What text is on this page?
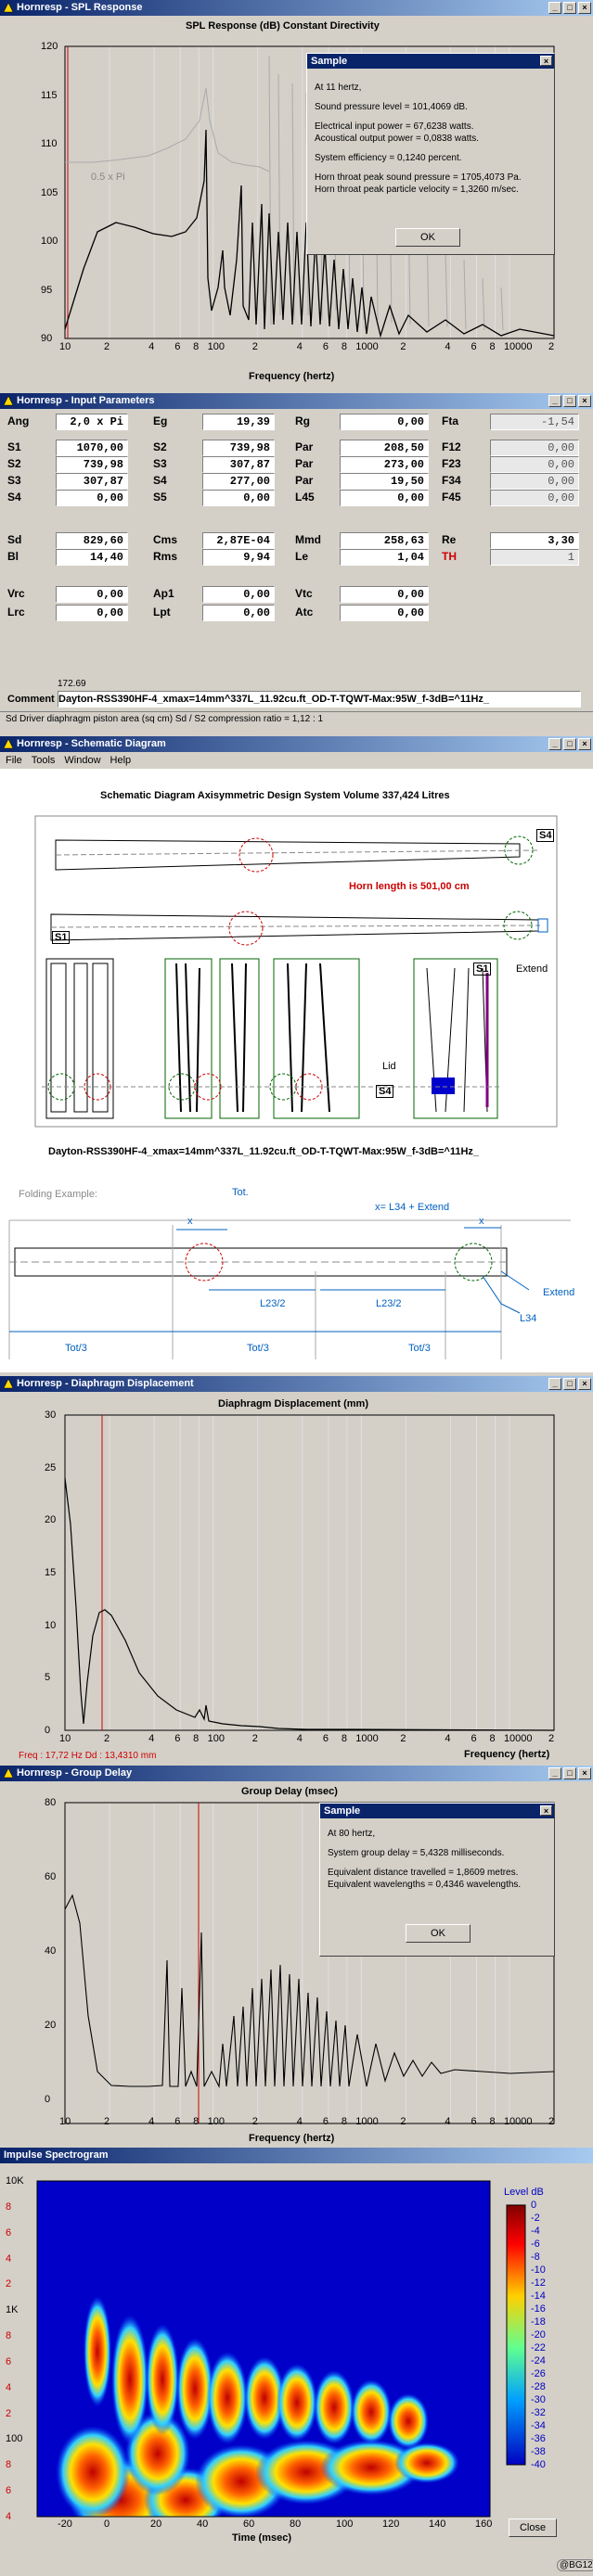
Hornresp - SPL Response	_	□	×
SPL Response (dB) Constant Directivity
0.5 x Pi
120
115
110
105
100
95
90
10	2	4 6 8 100	2	4 6 8 1000 2	4 6 8 10000 2
Frequency (hertz)
Sample	×

At 11 hertz,

Sound pressure level = 101,4069 dB.

Electrical input power = 67,6238 watts.

Acoustical output power = 0,0838 watts.

System efficiency = 0,1240 percent.

Horn throat peak sound pressure = 1705,4073 Pa.

Horn throat peak particle velocity = 1,3260 m/sec.

OK
Hornresp - Input Parameters	_	□	×
Ang	2,0 x Pi	Eg	19,39	Rg	0,00	Fta	-1,54
S1	1070,00	S2	739,98	Par	208,50	F12	0,00
S2	739,98	S3	307,87	Par	273,00	F23	0,00
S3	307,87	S4	277,00	Par	19,50	F34	0,00
S4	0,00	S5	0,00	L45	0,00	F45	0,00
Sd	829,60	Cms	2,87E-04	Mmd	258,63	Re	3,30
Bl	14,40	Rms	9,94	Le	1,04	TH	1
Vrc	0,00	Ap1	0,00	Vtc	0,00
Lrc	0,00	Lpt	0,00	Atc	0,00
172.69
Comment Dayton-RSS390HF-4_xmax=14mm^337L_11.92cu.ft_OD-T-TQWT-Max:95W_f-3dB=^11Hz_
Sd Driver diaphragm piston area (sq cm) Sd / S2 compression ratio = 1,12 : 1
Hornresp - Schematic Diagram	_	□	×
File Tools Window Help
Schematic Diagram Axisymmetric Design System Volume 337,424 Litres
Horn length is 501,00 cm
S4
S1
Extend
Lid
S4
S1
Dayton-RSS390HF-4_xmax=14mm^337L_11.92cu.ft_OD-T-TQWT-Max:95W_f-3dB=^11Hz_
Folding Example:	Tot.
x
x= L34 + Extend
x
L23/2	L23/2
Tot/3	Tot/3	Tot/3
Extend
L34
Hornresp - Diaphragm Displacement	_	□	×
Diaphragm Displacement (mm)
30
25
20
15
10
5
0
10	2	4 6 8 100	2	4 6 8 1000 2	4 6 8 10000 2
Frequency (hertz)
Freq : 17,72 Hz Dd : 13,4310 mm
Hornresp - Group Delay	_	□	×
Group Delay (msec)
80
60
40
20
0
10	2	4 6 8 100	2	4 6 8 1000 2	4 6 8 10000 2
Frequency (hertz)
Sample	×

At 80 hertz,

System group delay = 5,4328 milliseconds.

Equivalent distance travelled = 1,8609 metres.

Equivalent wavelengths = 0,4346 wavelengths.

OK
Impulse Spectrogram
10K
8
6
4
2
1K
8
6
4
2
100
8
6
4
-20	0	20	40	60	80	100	120	140	160
0
-2
-4
-6
-8
-10
-12
-14
-16
-18
-20
-22
-24
-26
-28
-30
-32
-34
-36
-38
-40
Time (msec)
Level dB
Close
@BG12
